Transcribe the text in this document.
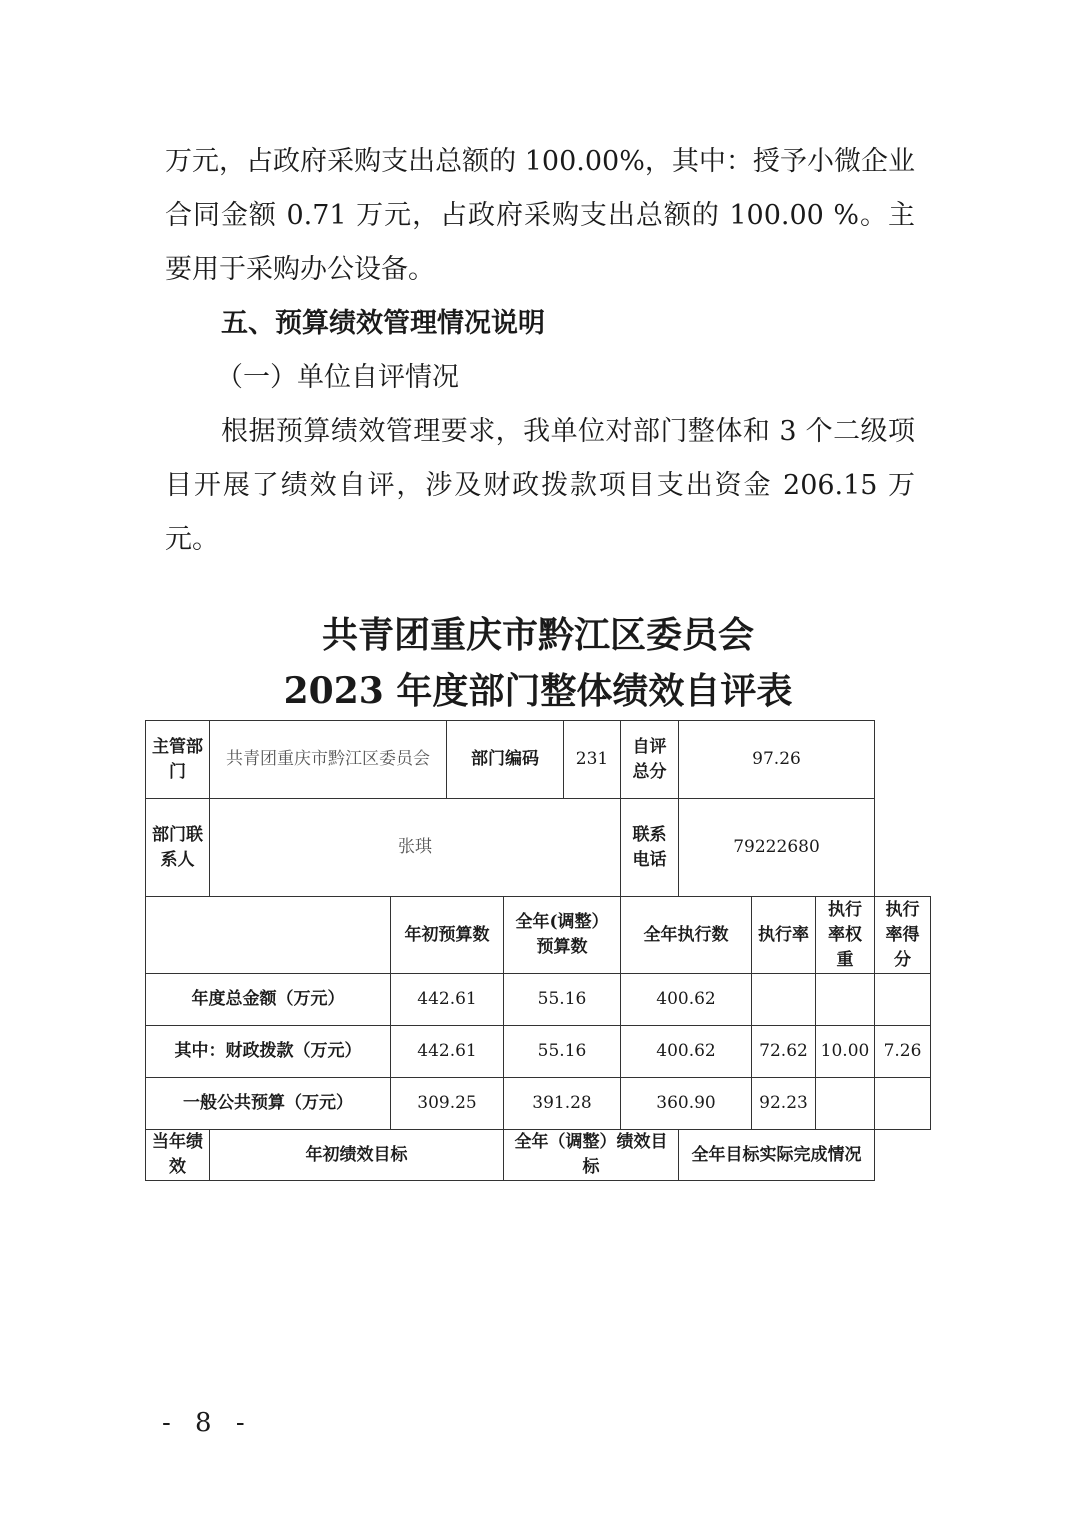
万元，占政府采购支出总额的 100.00%，其中：授予小微企业合同金额 0.71 万元，占政府采购支出总额的 100.00 %。主要用于采购办公设备。

五、预算绩效管理情况说明

（一）单位自评情况

根据预算绩效管理要求，我单位对部门整体和 3 个二级项目开展了绩效自评，涉及财政拨款项目支出资金 206.15 万元。

共青团重庆市黔江区委员会

2023 年度部门整体绩效自评表

主管部门	共青团重庆市黔江区委员会		部门编码		231	自评总分	97.26			
部门联系人	张琪					联系电话	79222680			
		年初预算数		全年(调整）预算数		全年执行数		执行率	执行率权重	执行率得分
年度总金额（万元）		442.61		55.16		400.62				
其中：财政拨款（万元）		442.61		55.16		400.62		72.62	10.00	7.26
一般公共预算（万元）		309.25		391.28		360.90		92.23		
当年绩效	年初绩效目标			全年（调整）绩效目标			全年目标实际完成情况			
- 8 -
